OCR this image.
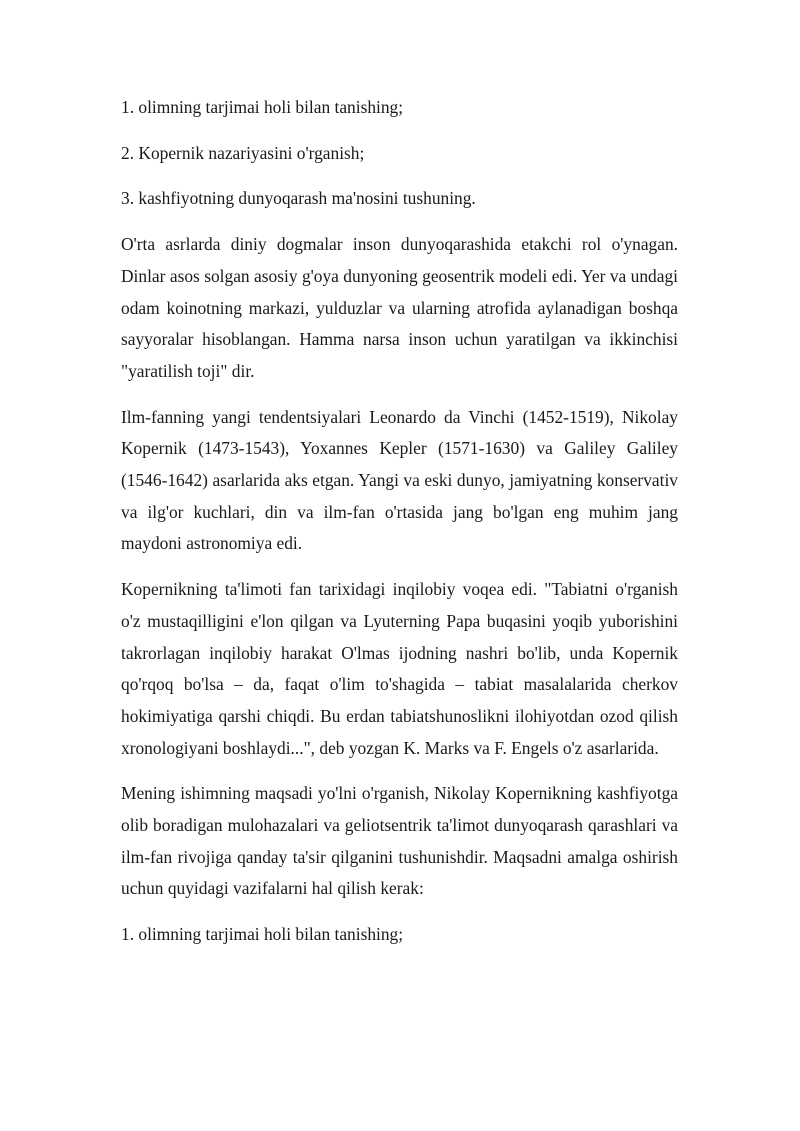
1. olimning tarjimai holi bilan tanishing;

2. Kopernik nazariyasini o'rganish;

3. kashfiyotning dunyoqarash ma'nosini tushuning.

O'rta asrlarda diniy dogmalar inson dunyoqarashida etakchi rol o'ynagan. Dinlar asos solgan asosiy g'oya dunyoning geosentrik modeli edi. Yer va undagi odam koinotning markazi, yulduzlar va ularning atrofida aylanadigan boshqa sayyoralar hisoblangan. Hamma narsa inson uchun yaratilgan va ikkinchisi "yaratilish toji" dir.

Ilm-fanning yangi tendentsiyalari Leonardo da Vinchi (1452-1519), Nikolay Kopernik (1473-1543), Yoxannes Kepler (1571-1630) va Galiley Galiley (1546-1642) asarlarida aks etgan. Yangi va eski dunyo, jamiyatning konservativ va ilg'or kuchlari, din va ilm-fan o'rtasida jang bo'lgan eng muhim jang maydoni astronomiya edi.

Kopernikning ta'limoti fan tarixidagi inqilobiy voqea edi. "Tabiatni o'rganish o'z mustaqilligini e'lon qilgan va Lyuterning Papa buqasini yoqib yuborishini takrorlagan inqilobiy harakat O'lmas ijodning nashri bo'lib, unda Kopernik qo'rqoq bo'lsa – da, faqat o'lim to'shagida – tabiat masalalarida cherkov hokimiyatiga qarshi chiqdi. Bu erdan tabiatshunoslikni ilohiyotdan ozod qilish xronologiyani boshlaydi...", deb yozgan K. Marks va F. Engels o'z asarlarida.

Mening ishimning maqsadi yo'lni o'rganish, Nikolay Kopernikning kashfiyotga olib boradigan mulohazalari va geliotsentrik ta'limot dunyoqarash qarashlari va ilm-fan rivojiga qanday ta'sir qilganini tushunishdir. Maqsadni amalga oshirish uchun quyidagi vazifalarni hal qilish kerak:

1. olimning tarjimai holi bilan tanishing;
